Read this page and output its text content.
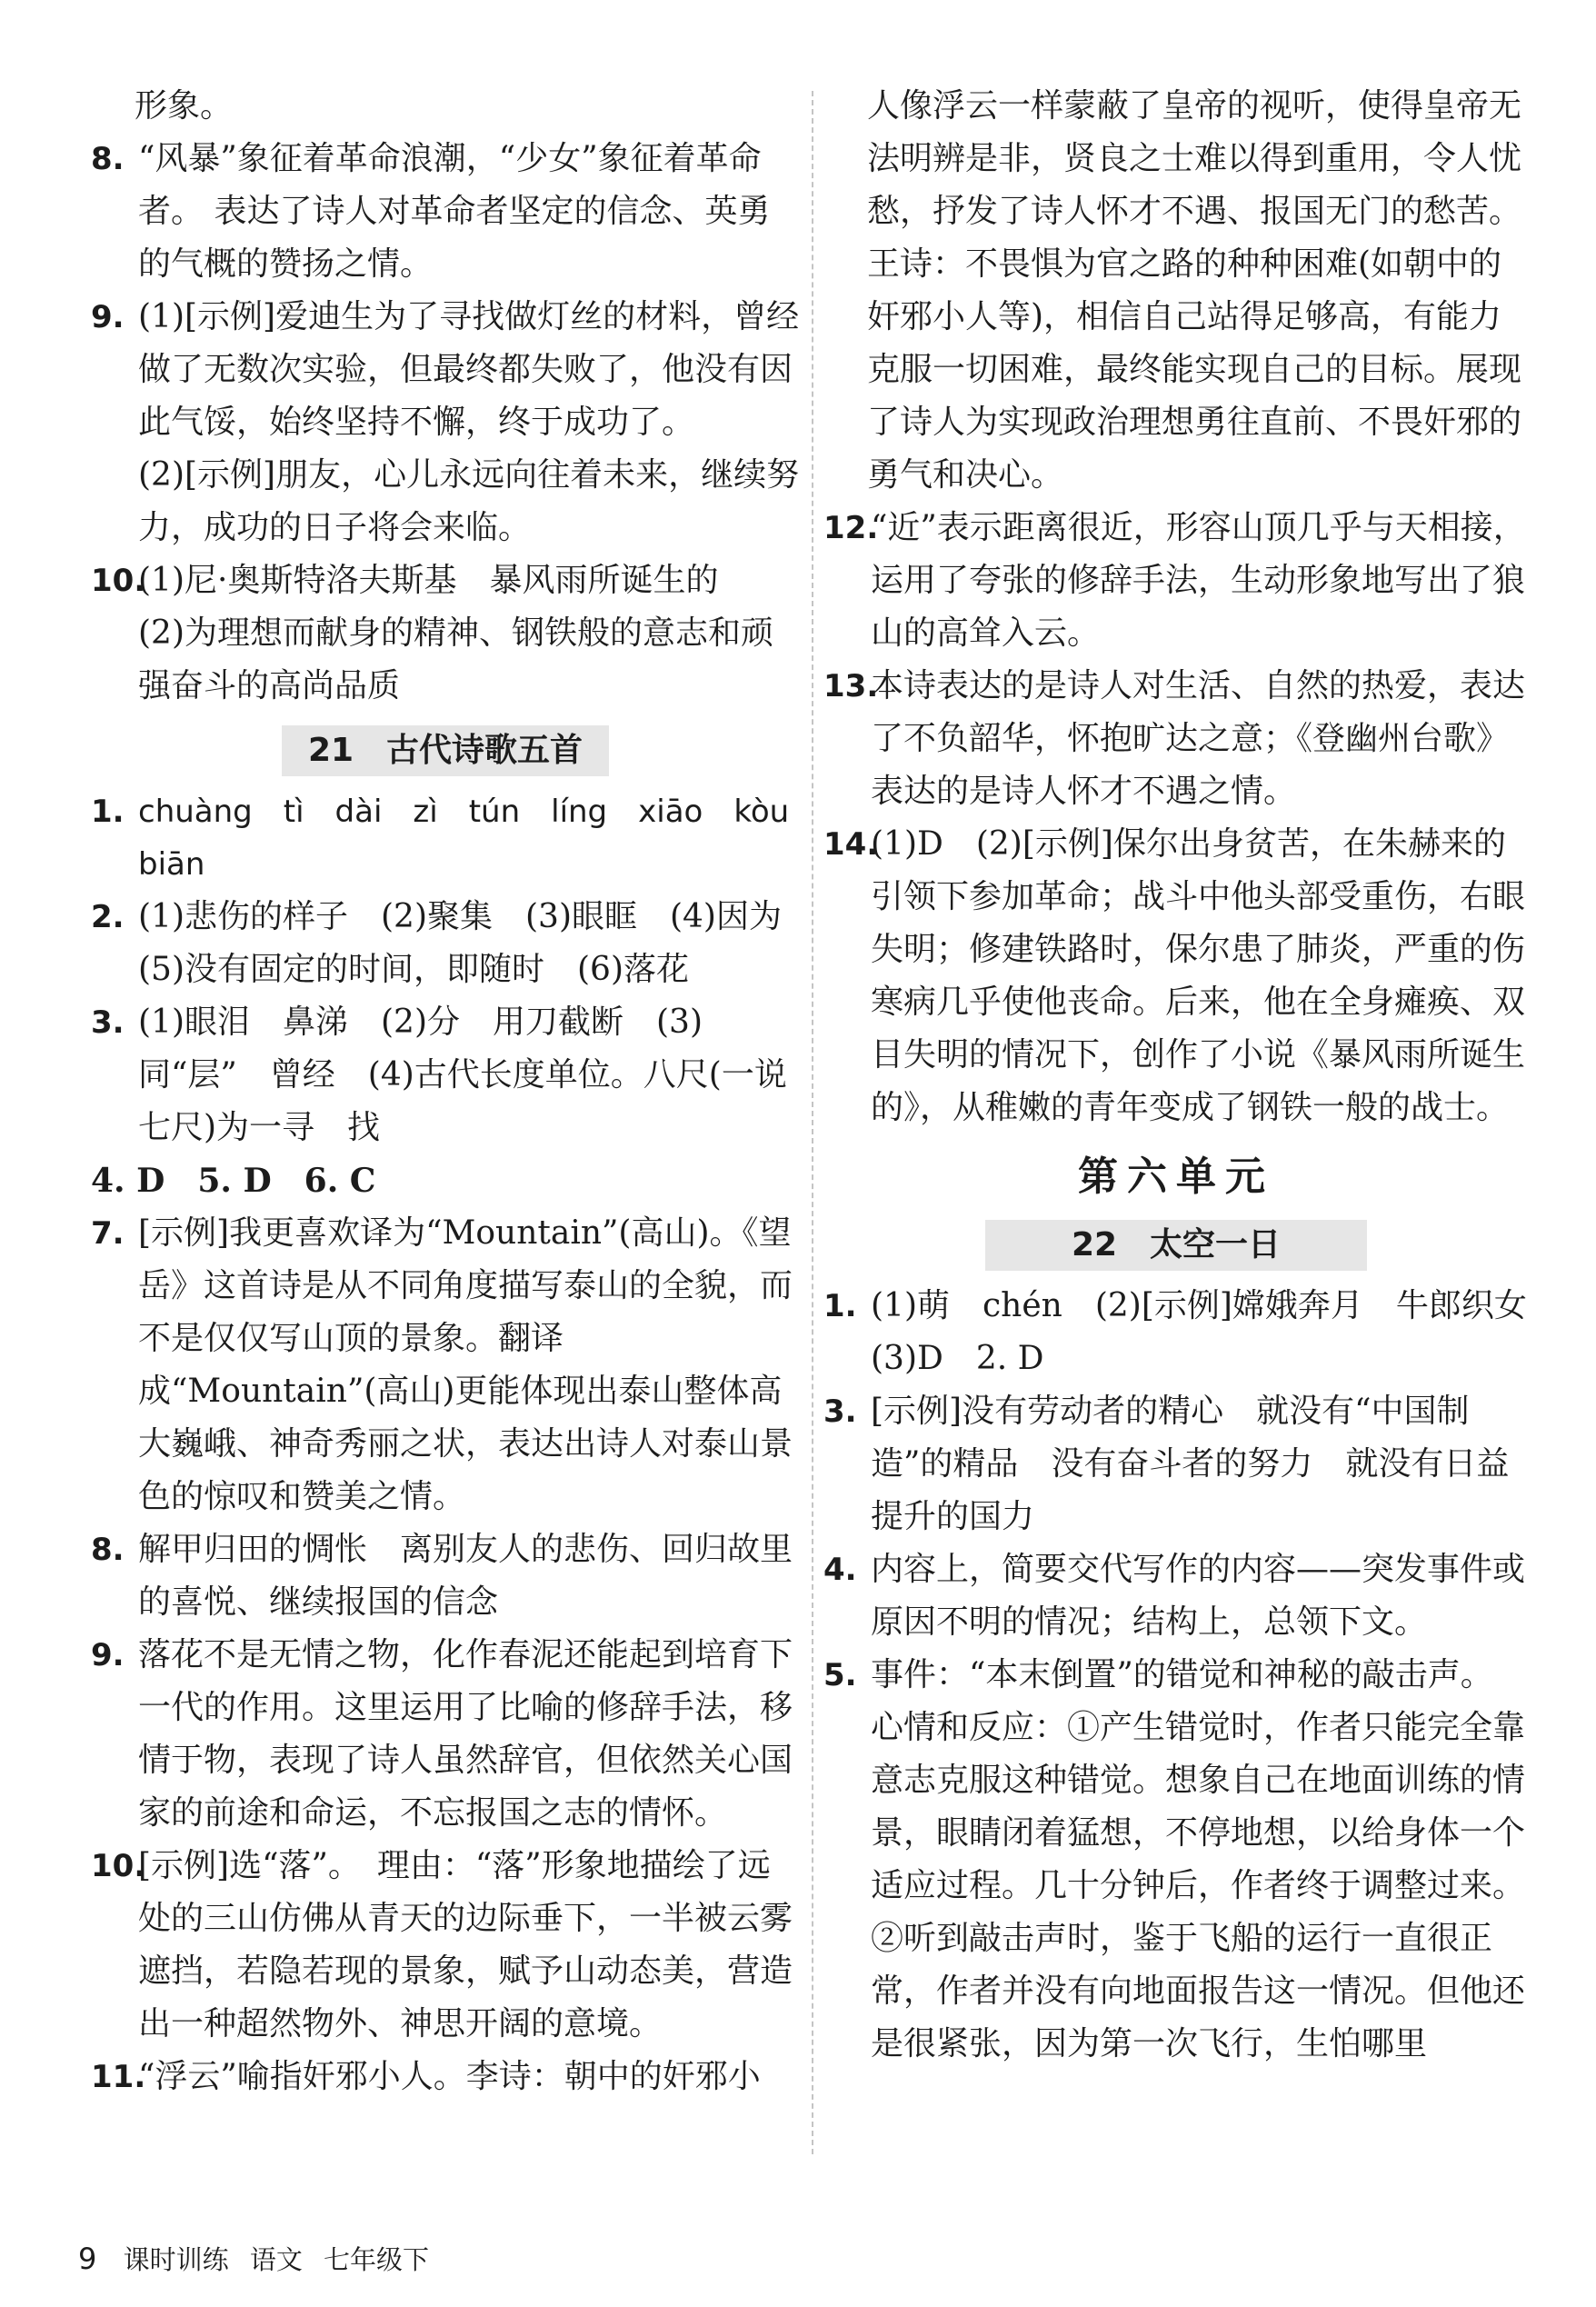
形象。

8. “风暴”象征着革命浪潮，“少女”象征着革命者。 表达了诗人对革命者坚定的信念、英勇的气概的赞扬之情。

9. (1)[示例]爱迪生为了寻找做灯丝的材料，曾经做了无数次实验，但最终都失败了，他没有因此气馁，始终坚持不懈，终于成功了。

(2)[示例]朋友，心儿永远向往着未来，继续努力，成功的日子将会来临。

10.

(1)尼·奥斯特洛夫斯基　暴风雨所诞生的

(2)为理想而献身的精神、钢铁般的意志和顽强奋斗的高尚品质

21　古代诗歌五首
1. chuàng　tì　dài　zì　tún　líng　xiāo　kòu　biān

2. (1)悲伤的样子　(2)聚集　(3)眼眶　(4)因为　(5)没有固定的时间，即随时　(6)落花

3. (1)眼泪　鼻涕　(2)分　用刀截断　(3)同“层”　曾经　(4)古代长度单位。八尺(一说七尺)为一寻　找

4. D　5. D　6. C

7. [示例]我更喜欢译为“Mountain”(高山)。《望岳》这首诗是从不同角度描写泰山的全貌，而不是仅仅写山顶的景象。翻译成“Mountain”(高山)更能体现出泰山整体高大巍峨、神奇秀丽之状，表达出诗人对泰山景色的惊叹和赞美之情。

8. 解甲归田的惆怅　离别友人的悲伤、回归故里的喜悦、继续报国的信念

9. 落花不是无情之物，化作春泥还能起到培育下一代的作用。这里运用了比喻的修辞手法，移情于物，表现了诗人虽然辞官，但依然关心国家的前途和命运，不忘报国之志的情怀。

10.

[示例]选“落”。　理由：“落”形象地描绘了远处的三山仿佛从青天的边际垂下，一半被云雾遮挡，若隐若现的景象，赋予山动态美，营造出一种超然物外、神思开阔的意境。

11.

“浮云”喻指奸邪小人。李诗：朝中的奸邪小

人像浮云一样蒙蔽了皇帝的视听，使得皇帝无法明辨是非，贤良之士难以得到重用，令人忧愁，抒发了诗人怀才不遇、报国无门的愁苦。王诗：不畏惧为官之路的种种困难(如朝中的奸邪小人等)，相信自己站得足够高，有能力克服一切困难，最终能实现自己的目标。展现了诗人为实现政治理想勇往直前、不畏奸邪的勇气和决心。

12.

“近”表示距离很近，形容山顶几乎与天相接，运用了夸张的修辞手法，生动形象地写出了狼山的高耸入云。

13.

本诗表达的是诗人对生活、自然的热爱，表达了不负韶华，怀抱旷达之意；《登幽州台歌》表达的是诗人怀才不遇之情。

14.

(1)D　(2)[示例]保尔出身贫苦，在朱赫来的引领下参加革命；战斗中他头部受重伤，右眼失明；修建铁路时，保尔患了肺炎，严重的伤寒病几乎使他丧命。后来，他在全身瘫痪、双目失明的情况下，创作了小说《暴风雨所诞生的》，从稚嫩的青年变成了钢铁一般的战士。

第六单元
22　太空一日
1. (1)萌　chén　(2)[示例]嫦娥奔月　牛郎织女　(3)D　2. D

3. [示例]没有劳动者的精心　就没有“中国制造”的精品　没有奋斗者的努力　就没有日益提升的国力

4. 内容上，简要交代写作的内容——突发事件或原因不明的情况；结构上，总领下文。

5. 事件：“本末倒置”的错觉和神秘的敲击声。

心情和反应：①产生错觉时，作者只能完全靠意志克服这种错觉。想象自己在地面训练的情景，眼睛闭着猛想，不停地想，以给身体一个适应过程。几十分钟后，作者终于调整过来。②听到敲击声时，鉴于飞船的运行一直很正常，作者并没有向地面报告这一情况。但他还是很紧张，因为第一次飞行，生怕哪里

9 课时训练 语文 七年级下
